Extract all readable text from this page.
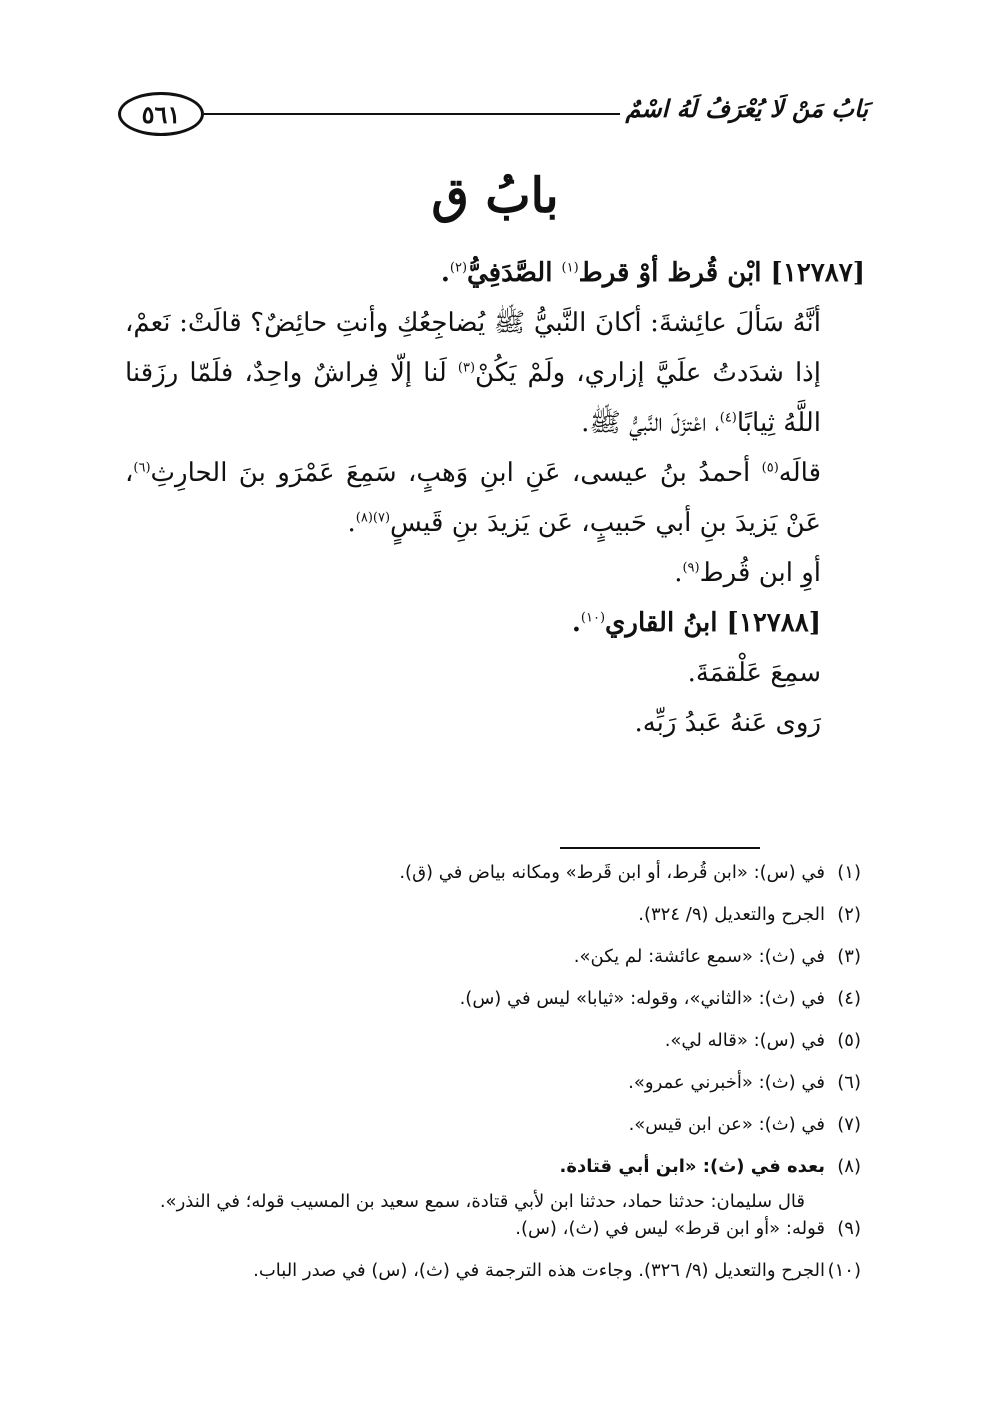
٥٦١	بَابُ مَنْ لَا يُعْرَفُ لَهُ اسْمٌ
بابُ ق

[١٢٧٨٧] ابْن قُرظ أوْ قرط$^{(١)}$ الصَّدَفِيُّ$^{(٢)}$.

أنَّهُ سَألَ عائِشةَ: أكانَ النَّبيُّ ﷺ يُضاجِعُكِ وأنتِ حائِضٌ؟ قالَتْ: نَعمْ، إذا شدَدتُ علَيَّ إزاري، ولَمْ يَكُنْ$^{(٣)}$ لَنا إلّا فِراشٌ واحِدٌ، فلَمّا رزَقنا اللَّهُ ثِيابًا$^{(٤)}$، اعْتزَلَ النَّبيُّ ﷺ.

قالَه$^{(٥)}$ أحمدُ بنُ عيسى، عَنِ ابنِ وَهبٍ، سَمِعَ عَمْرَو بنَ الحارِثِ$^{(٦)}$، عَنْ يَزيدَ بنِ أبي حَبيبٍ، عَن يَزيدَ بنِ قَيسٍ$^{(٧)(٨)}$.

أوِ ابن قُرط$^{(٩)}$.

[١٢٧٨٨] ابنُ القاري$^{(١٠)}$.

سمِعَ عَلْقمَةَ.

رَوى عَنهُ عَبدُ رَبِّه.

(١)
في (س): «ابن قُرط، أو ابن قَرط» ومكانه بياض في (ق).
(٢)
الجرح والتعديل (٩/ ٣٢٤).
(٣)
في (ث): «سمع عائشة: لم يكن».
(٤)
في (ث): «الثاني»، وقوله: «ثيابا» ليس في (س).
(٥)
في (س): «قاله لي».
(٦)
في (ث): «أخبرني عمرو».
(٧)
في (ث): «عن ابن قيس».
(٨)
بعده في (ث): «ابن أبي قتادة.
قال سليمان: حدثنا حماد، حدثنا ابن لأبي قتادة، سمع سعيد بن المسيب قوله؛ في النذر».
(٩)
قوله: «أو ابن قرط» ليس في (ث)، (س).
(١٠)
الجرح والتعديل (٩/ ٣٢٦). وجاءت هذه الترجمة في (ث)، (س) في صدر الباب.
